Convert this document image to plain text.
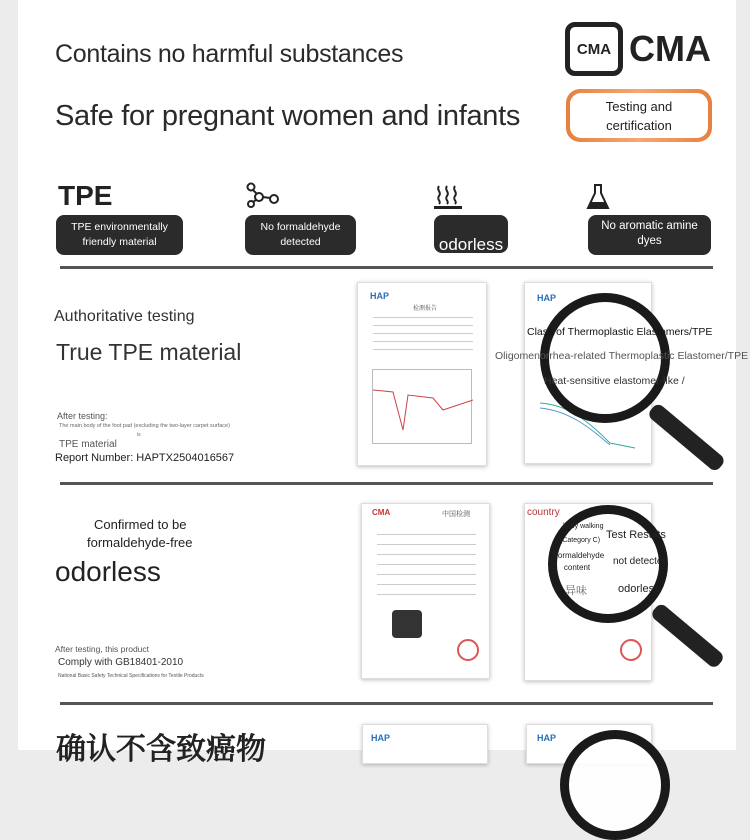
Contains no harmful substances
Safe for pregnant women and infants
CMA CMA
Testing and
certification
TPE
TPE environmentally
friendly material
No formaldehyde
detected	odorless
No aromatic amine dyes
Authoritative testing
True TPE material
After testing:
The main body of the foot pad (excluding the two-layer carpet surface)
is
TPE material
Report Number: HAPTX2504016567
HAP
检测报告
HAP
Class of Thermoplastic Elastomers/TPE
Oligomenorrhea-related Thermoplastic Elastomer/TPE
Heat-sensitive elastomer-like /
Confirmed to be
formaldehyde-free
odorless
After testing, this product
Comply with GB18401-2010
National Basic Safety Technical Specifications for Textile Products
CMA	中国检测	country
baby walking
(Category C) Test Results
Formaldehyde content
not detected
异味	odorless
确认不含致癌物	HAP	HAP
